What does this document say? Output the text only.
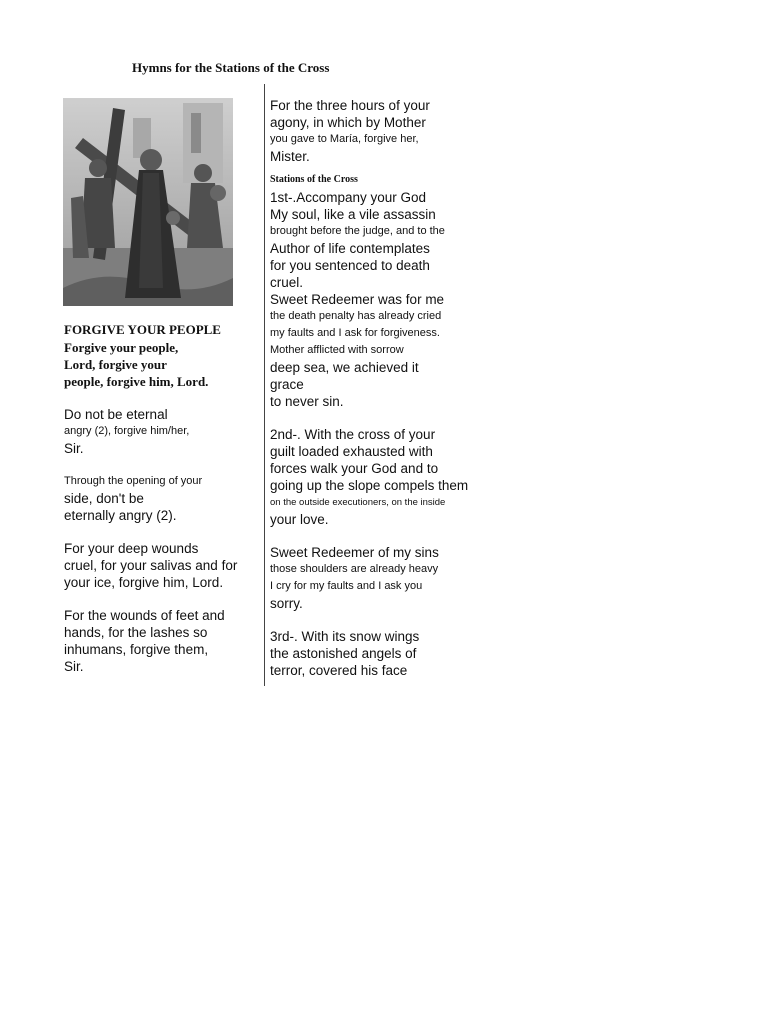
Hymns for the Stations of the Cross
FORGIVE YOUR PEOPLE
Forgive your people,
Lord, forgive your
people, forgive him, Lord.
Do not be eternal
angry (2), forgive him/her,
Sir.
Through the opening of your
side, don't be
eternally angry (2).
For your deep wounds
cruel, for your salivas and for
your ice, forgive him, Lord.
For the wounds of feet and
hands, for the lashes so
inhumans, forgive them,
Sir.
For the three hours of your
agony, in which by Mother
you gave to María, forgive her,
Mister.
Stations of the Cross
1st-.Accompany your God
My soul, like a vile assassin
brought before the judge, and to the
Author of life contemplates
for you sentenced to death
cruel.
Sweet Redeemer was for me
the death penalty has already cried
my faults and I ask for forgiveness.
Mother afflicted with sorrow
deep sea, we achieved it
grace
to never sin.
2nd-. With the cross of your
guilt loaded exhausted with
forces walk your God and to
going up the slope compels them
on the outside executioners, on the inside
your love.
Sweet Redeemer of my sins
those shoulders are already heavy
I cry for my faults and I ask you
sorry.
3rd-. With its snow wings
the astonished angels of
terror, covered his face
